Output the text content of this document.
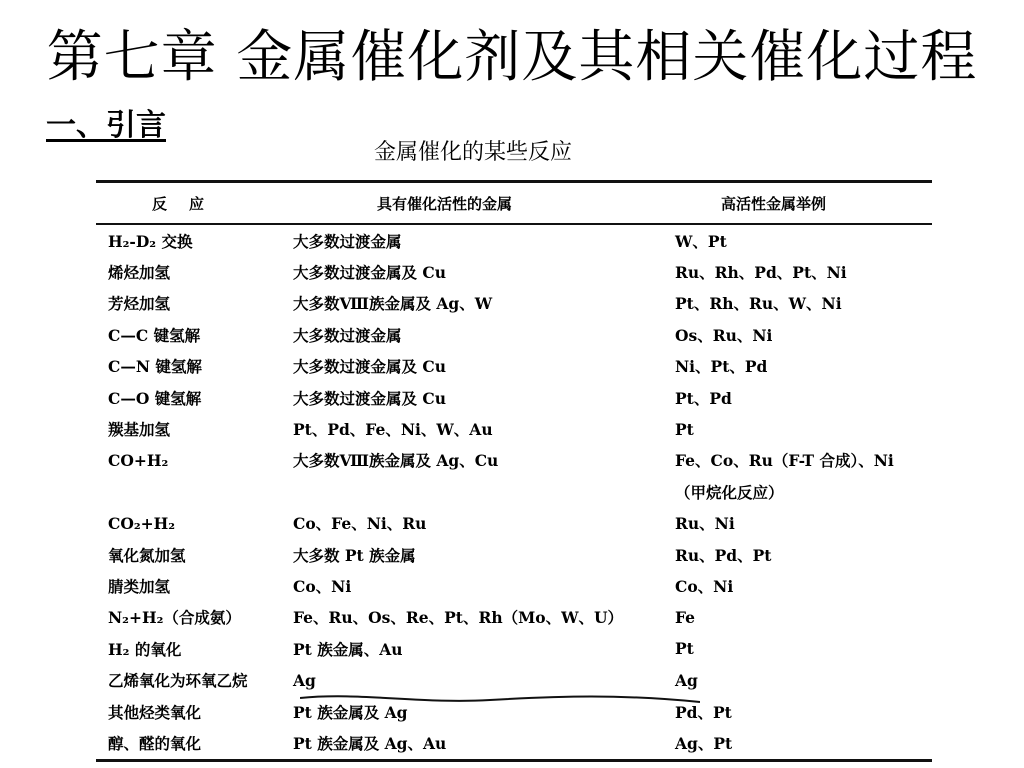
第七章 金属催化剂及其相关催化过程
一、引言
金属催化的某些反应
反应	具有催化活性的金属	高活性金属举例
H₂-D₂ 交换	大多数过渡金属	W、Pt
烯烃加氢	大多数过渡金属及 Cu	Ru、Rh、Pd、Pt、Ni
芳烃加氢	大多数Ⅷ族金属及 Ag、W	Pt、Rh、Ru、W、Ni
C—C 键氢解	大多数过渡金属	Os、Ru、Ni
C—N 键氢解	大多数过渡金属及 Cu	Ni、Pt、Pd
C—O 键氢解	大多数过渡金属及 Cu	Pt、Pd
羰基加氢	Pt、Pd、Fe、Ni、W、Au	Pt
CO+H₂	大多数Ⅷ族金属及 Ag、Cu	Fe、Co、Ru（F-T 合成）、Ni
（甲烷化反应）
CO₂+H₂	Co、Fe、Ni、Ru	Ru、Ni
氧化氮加氢	大多数 Pt 族金属	Ru、Pd、Pt
腈类加氢	Co、Ni	Co、Ni
N₂+H₂（合成氨）	Fe、Ru、Os、Re、Pt、Rh（Mo、W、U）	Fe
H₂ 的氧化	Pt 族金属、Au	Pt
乙烯氧化为环氧乙烷	Ag	Ag
其他烃类氧化	Pt 族金属及 Ag	Pd、Pt
醇、醛的氧化	Pt 族金属及 Ag、Au	Ag、Pt
